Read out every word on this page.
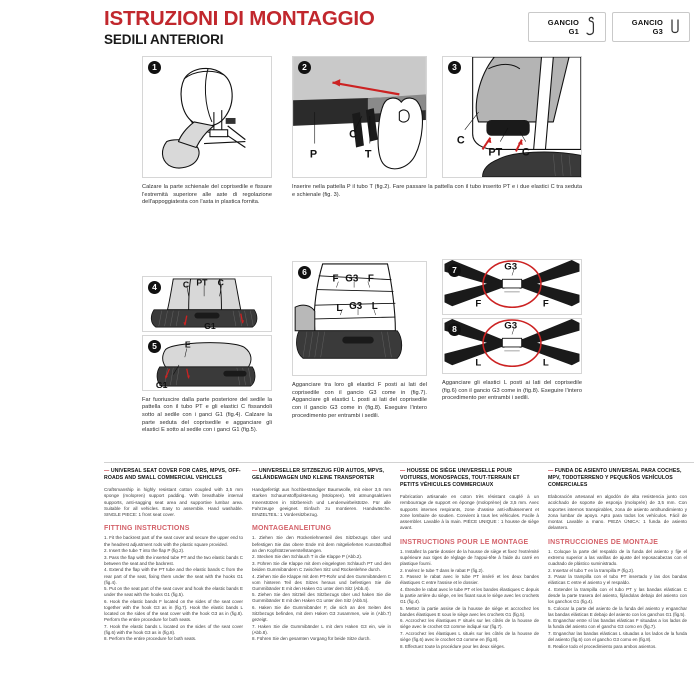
ISTRUZIONI DI MONTAGGIO
SEDILI ANTERIORI
GANCIO
G1
GANCIO
G3
1
Calzare la parte schienale del coprisedile e fissare l'estremità superiore alle aste di regolazione dell'appoggiatesta con l'asta in plastica fornita.
C PT C
G1
4
E
G1
5
Far fuoriuscire dalla parte posteriore del sedile la pattella con il tubo PT e gli elastici C fissandoli sotto al sedile con i ganci G1 (fig.4). Calzare la parte seduta del coprisedile e agganciare gli elastici E sotto al sedile con i ganci G1 (fig.5).
P
C
T
2
Inserire nella pattella P il tubo T (fig.2). Fare passare la pattella con il tubo inserito PT e i due elastici C tra seduta e schienale (fig. 3).
F G3 F
L G3 L
6
Agganciare tra loro gli elastici F posti ai lati del coprisedile con il gancio G3 come in (fig.7). Agganciare gli elastici L posti ai lati del coprisedile con il gancio G3 come in (fig.8). Eseguire l'intero procedimento per entrambi i sedili.
C
PT C
3
G3
F	F
7
G3
L	L
8
Agganciare gli elastici L posti ai lati del coprisedile (fig.6) con il gancio G3 come in (fig.8). Eseguire l'intero procedimento per entrambi i sedili.
— UNIVERSAL SEAT COVER FOR CARS, MPVS, OFF-ROADS AND SMALL COMMERCIAL VEHICLES
Craftsmanship in highly resistant cotton coupled with 3,5 mm sponge (molopren) support padding. With breathable internal supports, anti-sagging seat area and supportive lumbar area. Suitable for all vehicles. Easy to assemble. Hand washable. SINGLE PIECE: 1 front seat cover.
FITTING INSTRUCTIONS

1. Fit the backrest part of the seat cover and secure the upper end to the headrest adjustment rods with the plastic square provided.

2. Insert the tube T into the flap P (fig.2).

3. Pass the flap with the inserted tube PT and the two elastic bands C between the seat and the backrest.

4. Extend the flap with the PT tube and the elastic bands C from the rear part of the seat, fixing them under the seat with the hooks G1 (fig.4).

5. Put on the seat part of the seat cover and hook the elastic bands E under the seat with the hooks G1 (fig.5).

6. Hook the elastic bands F located on the sides of the seat cover together with the hook G3 as in (fig.7). Hook the elastic bands L located on the sides of the seat cover with the hook G3 as in (fig.8). Perform the entire procedure for both seats.

7. Hook the elastic bands L located on the sides of the seat cover (fig.6) with the hook G3 as in (fig.8).

8. Perform the entire procedure for both seats.

— UNIVERSELLER SITZBEZUG FÜR AUTOS, MPVS, GELÄNDEWAGEN UND KLEINE TRANSPORTER
Handgefertigt aus hochbeständiger Baumwolle, mit einer 3,5 mm starken Schaumstoffpolsterung (Molopren). Mit atmungsaktiven Innenstützen in Sitzbereich und Lendenwirbelstütze. Für alle Fahrzeuge geeignet. Einfach zu montieren. Handwäsche. EINZELTEIL: 1 Vordersitzbezug.
MONTAGEANLEITUNG

1. Ziehen Sie den Rückenlehnenteil des Sitzbezugs über und befestigen Sie das obere Ende mit dem mitgelieferten Kunststoffteil an den Kopfstützenverstellstangen.

2. Stecken Sie den Schlauch T in die Klappe P (Abb.2).

3. Führen Sie die Klappe mit dem eingelegten Schlauch PT und den beiden Gummibändern C zwischen Sitz und Rückenlehne durch.

4. Ziehen Sie die Klappe mit dem PT-Rohr und den Gummibändern C vom hinteren Teil des Sitzes heraus und befestigen Sie die Gummibänder E mit den Haken G1 unter dem Sitz (Abb.4).

5. Ziehen Sie den Sitzteil des Sitzbezugs über und haken Sie die Gummibänder E mit den Haken G1 unter den Sitz (Abb.5).

6. Haken Sie die Gummibänder F, die sich an den Seiten des Sitzbezugs befinden, mit dem Haken G3 zusammen, wie in (Abb.7) gezeigt.

7. Haken Sie die Gummibänder L mit dem Haken G3 ein, wie in (Abb.8).

8. Führen Sie den gesamten Vorgang für beide Sitze durch.

— HOUSSE DE SIÈGE UNIVERSELLE POUR VOITURES, MONOSPACES, TOUT-TERRAIN ET PETITS VÉHICULES COMMERCIAUX
Fabrication artisanale en coton très résistant couplé à un rembourrage de support en éponge (moloprène) de 3,5 mm. Avec supports internes respirants, zone d'assise anti-affaissement et zone lombaire de soutien. Convient à tous les véhicules. Facile à assembler. Lavable à la main. PIÈCE UNIQUE : 1 housse de siège avant.
INSTRUCTIONS POUR LE MONTAGE

1. Installez la partie dossier de la housse de siège et fixez l'extrémité supérieure aux tiges de réglage de l'appui-tête à l'aide du carré en plastique fourni.

2. Insérez le tube T dans le rabat P (fig.2).

3. Passez le rabat avec le tube PT inséré et les deux bandes élastiques C entre l'assise et le dossier.

4. Étendre le rabat avec le tube PT et les bandes élastiques C depuis la partie arrière du siège, en les fixant sous le siège avec les crochets G1 (fig.4).

5. Mettez la partie assise de la housse de siège et accrochez les bandes élastiques E sous le siège avec les crochets G1 (fig.5).

6. Accrochez les élastiques F situés sur les côtés de la housse de siège avec le crochet G3 comme indiqué sur (fig.7).

7. Accrochez les élastiques L situés sur les côtés de la housse de siège (fig.6) avec le crochet G3 comme en (fig.8).

8. Effectuez toute la procédure pour les deux sièges.

— FUNDA DE ASIENTO UNIVERSAL PARA COCHES, MPV, TODOTERRENO Y PEQUEÑOS VEHÍCULOS COMERCIALES
Elaboración artesanal en algodón de alta resistencia junto con acolchado de soporte de esponja (moloprén) de 3,5 mm. Con soportes internos transpirables, zona de asiento antihundimiento y zona lumbar de apoyo. Apto para todos los vehículos. Fácil de montar. Lavable a mano. PIEZA ÚNICA: 1 funda de asiento delantero.
INSTRUCCIONES DE MONTAJE

1. Coloque la parte del respaldo de la funda del asiento y fije el extremo superior a las varillas de ajuste del reposacabezas con el cuadrado de plástico suministrado.

2. Insertar el tubo T en la trampilla P (fig.2).

3. Pasar la trampilla con el tubo PT insertado y las dos bandas elásticas C entre el asiento y el respaldo.

4. Extender la trampilla con el tubo PT y las bandas elásticas C desde la parte trasera del asiento, fijándolas debajo del asiento con los ganchos G1 (fig.4).

5. Colocar la parte del asiento de la funda del asiento y enganchar las bandas elásticas E debajo del asiento con los ganchos G1 (fig.5).

6. Enganchar entre sí las bandas elásticas F situadas a los lados de la funda del asiento con el gancho G3 como en (fig.7).

7. Enganchar las bandas elásticas L situadas a los lados de la funda del asiento (fig.6) con el gancho G3 como en (fig.8).

8. Realice todo el procedimiento para ambos asientos.
